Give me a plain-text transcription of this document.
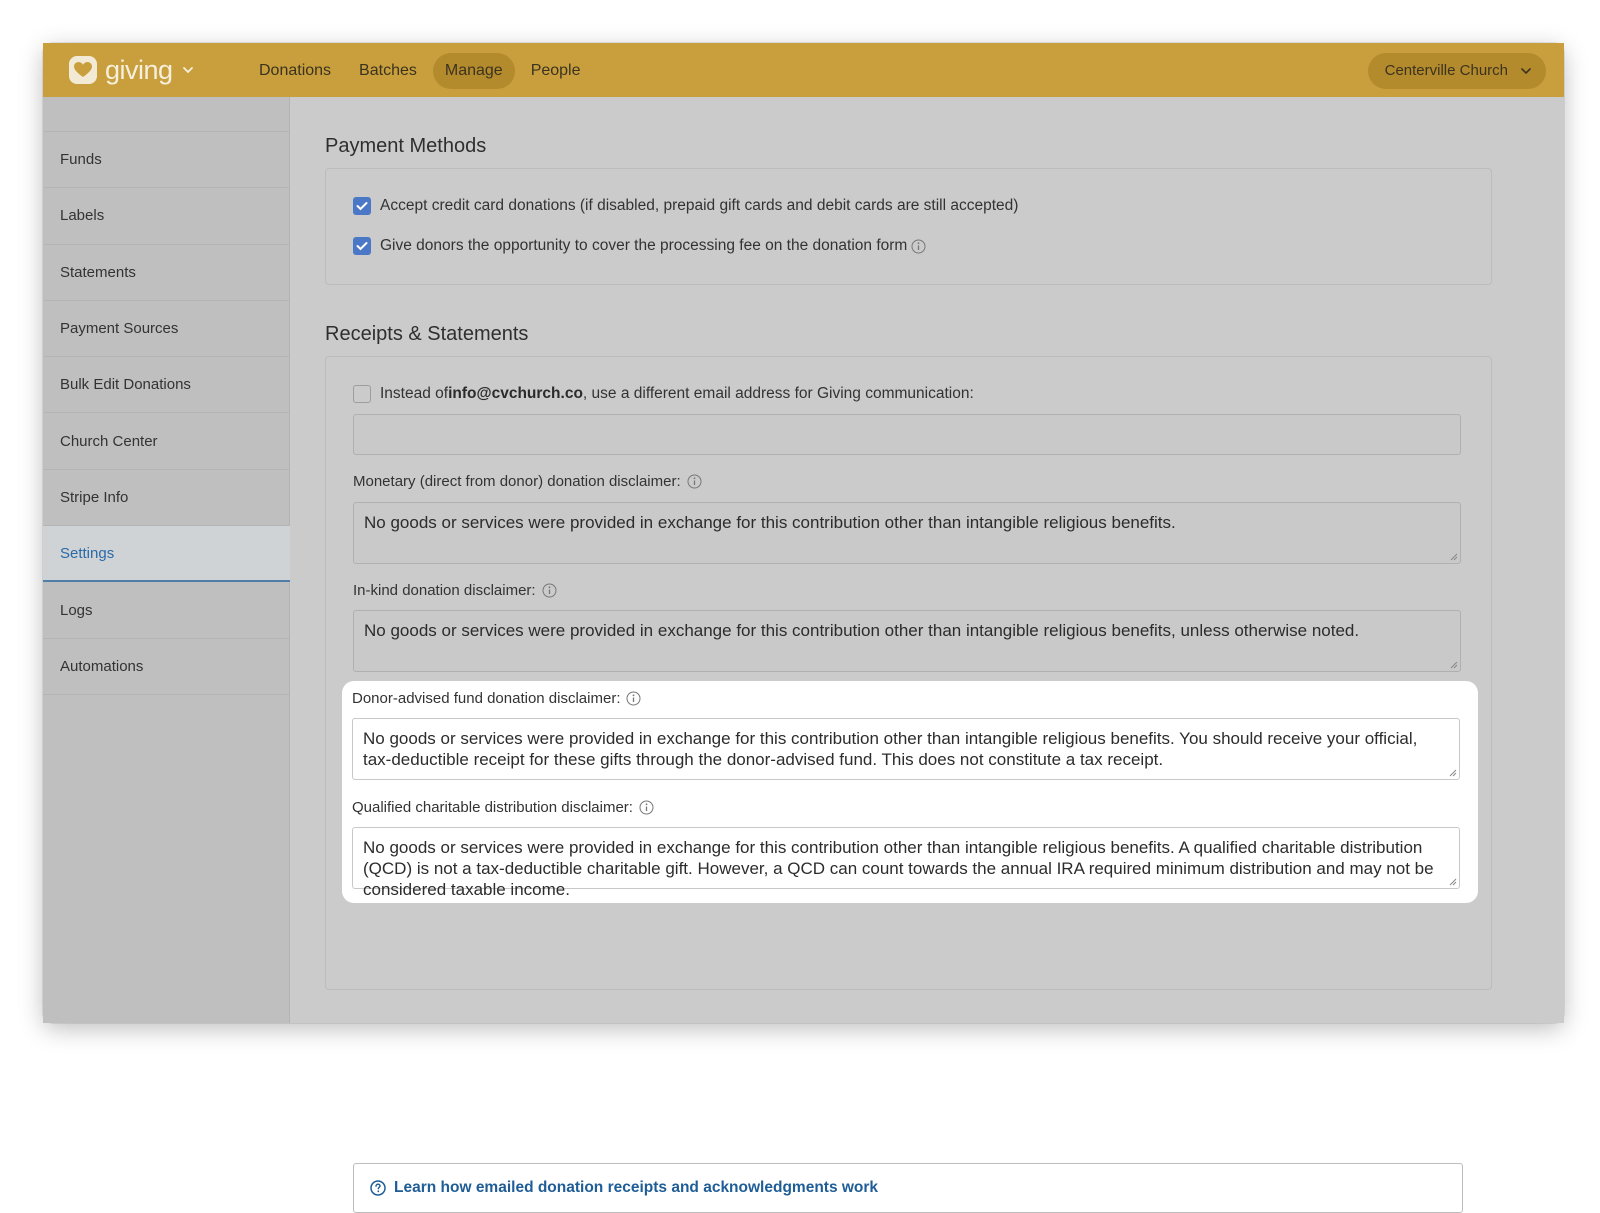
giving	Donations	Batches	Manage	People	Centerville Church
Funds
Labels
Statements
Payment Sources
Bulk Edit Donations
Church Center
Stripe Info
Settings
Logs
Automations
Payment Methods
Accept credit card donations (if disabled, prepaid gift cards and debit cards are still accepted)
Give donors the opportunity to cover the processing fee on the donation form
Receipts & Statements
Instead of info@cvchurch.co , use a different email address for Giving communication:
Monetary (direct from donor) donation disclaimer:
No goods or services were provided in exchange for this contribution other than intangible religious benefits.
In-kind donation disclaimer:
No goods or services were provided in exchange for this contribution other than intangible religious benefits, unless otherwise noted.
Learn how emailed donation receipts and acknowledgments work
Donor-advised fund donation disclaimer:
No goods or services were provided in exchange for this contribution other than intangible religious benefits. You should receive your official, tax-deductible receipt for these gifts through the donor-advised fund. This does not constitute a tax receipt.
Qualified charitable distribution disclaimer:
No goods or services were provided in exchange for this contribution other than intangible religious benefits. A qualified charitable distribution (QCD) is not a tax-deductible charitable gift. However, a QCD can count towards the annual IRA required minimum distribution and may not be considered taxable income.
